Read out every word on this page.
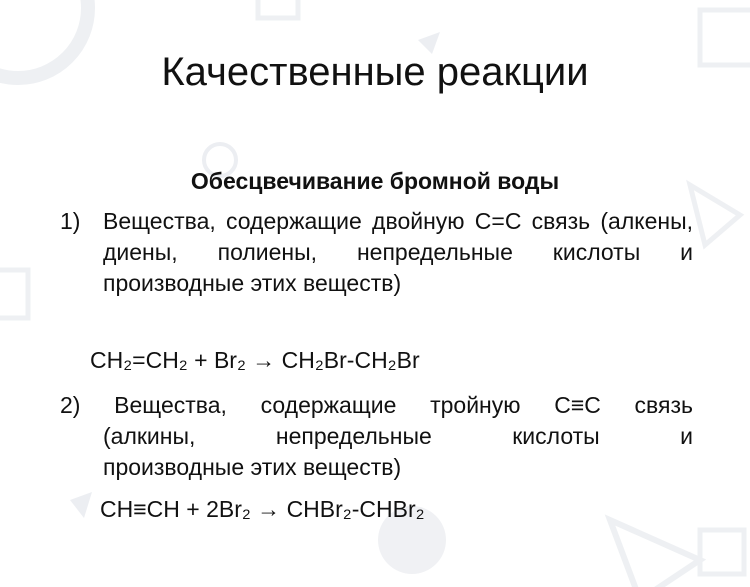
Качественные реакции
Обесцвечивание бромной воды
1) Вещества, содержащие двойную С=С связь (алкены, диены, полиены, непредельные кислоты и производные этих веществ)
CH₂=CH₂ + Br₂ → CH₂Br-CH₂Br
2) Вещества, содержащие тройную С≡С связь
(алкины, непредельные кислоты и
производные этих веществ)
CH≡CH + 2Br₂ → CHBr₂-CHBr₂
